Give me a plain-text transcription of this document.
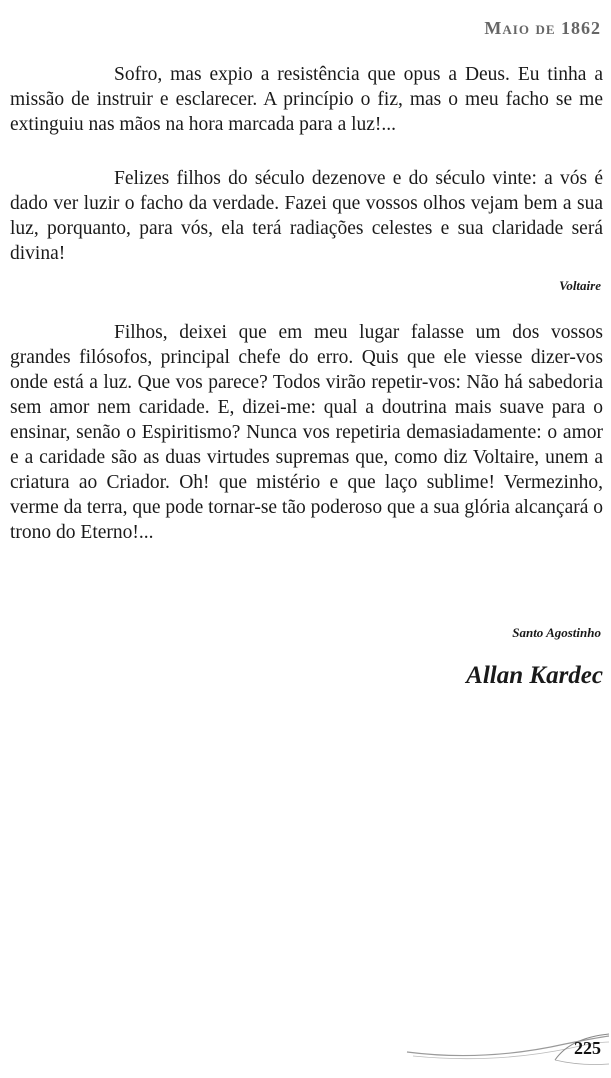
Maio de 1862

Sofro, mas expio a resistência que opus a Deus. Eu tinha a missão de instruir e esclarecer. A princípio o fiz, mas o meu facho se me extinguiu nas mãos na hora marcada para a luz!...

Felizes filhos do século dezenove e do século vinte: a vós é dado ver luzir o facho da verdade. Fazei que vossos olhos vejam bem a sua luz, porquanto, para vós, ela terá radiações celestes e sua claridade será divina!

Voltaire

Filhos, deixei que em meu lugar falasse um dos vossos grandes filósofos, principal chefe do erro. Quis que ele viesse dizer-vos onde está a luz. Que vos parece? Todos virão repetir-vos: Não há sabedoria sem amor nem caridade. E, dizei-me: qual a doutrina mais suave para o ensinar, senão o Espiritismo? Nunca vos repetiria demasiadamente: o amor e a caridade são as duas virtudes supremas que, como diz Voltaire, unem a criatura ao Criador. Oh! que mistério e que laço sublime! Vermezinho, verme da terra, que pode tornar-se tão poderoso que a sua glória alcançará o trono do Eterno!...

Santo Agostinho
Allan Kardec
225
